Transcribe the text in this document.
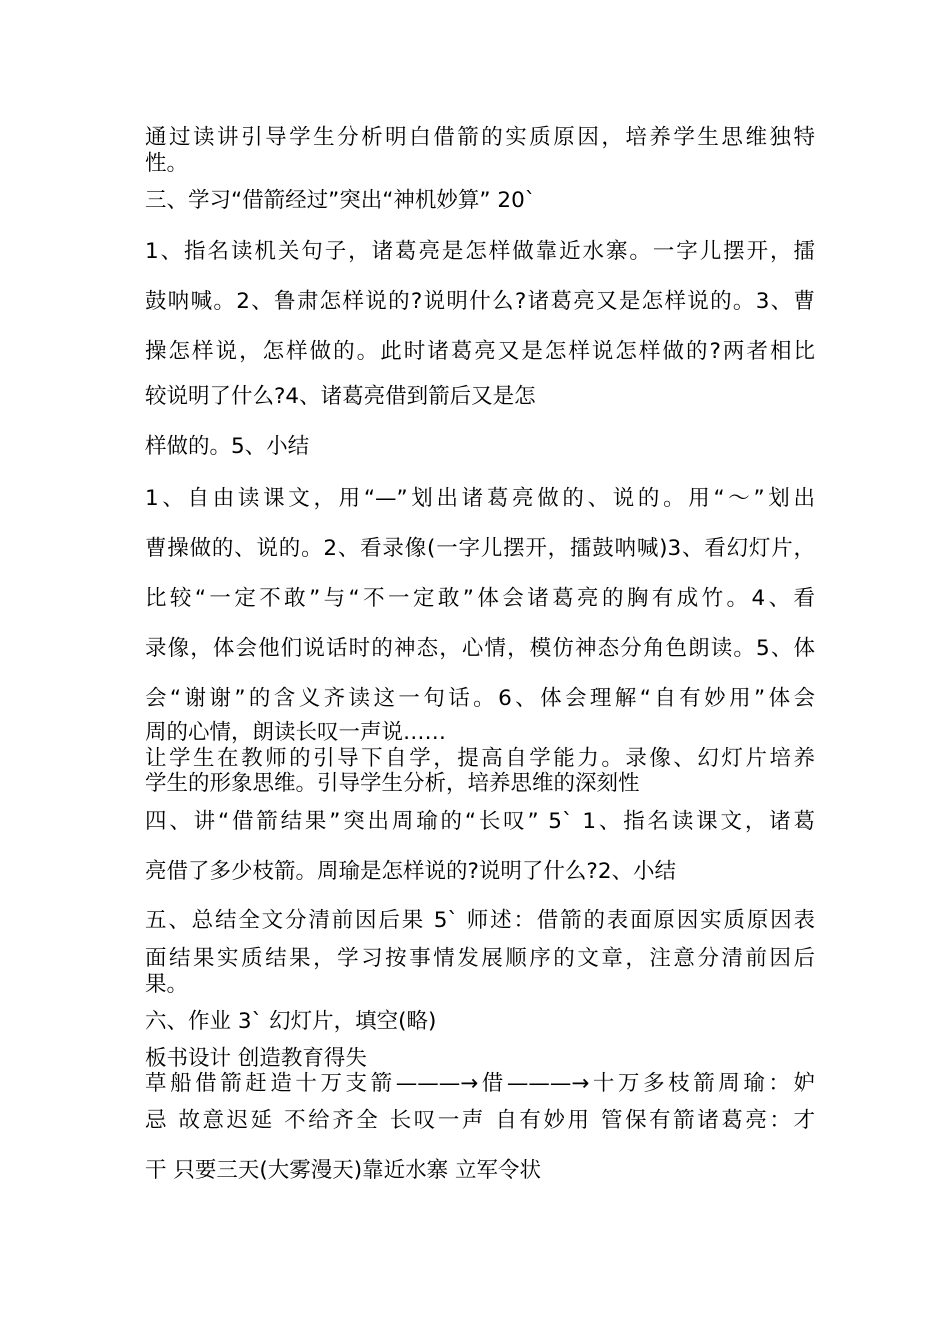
通过读讲引导学生分析明白借箭的实质原因，培养学生思维独特

性。

三、学习“借箭经过”突出“神机妙算” 20`

1、指名读机关句子，诸葛亮是怎样做靠近水寨。一字儿摆开，擂

鼓呐喊。2、鲁肃怎样说的?说明什么?诸葛亮又是怎样说的。3、曹

操怎样说，怎样做的。此时诸葛亮又是怎样说怎样做的?两者相比

较说明了什么?4、诸葛亮借到箭后又是怎

样做的。5、小结

1、自由读课文，用“—”划出诸葛亮做的、说的。用“～”划出

曹操做的、说的。2、看录像(一字儿摆开，擂鼓呐喊)3、看幻灯片，

比较“一定不敢”与“不一定敢”体会诸葛亮的胸有成竹。4、看

录像，体会他们说话时的神态，心情，模仿神态分角色朗读。5、体

会“谢谢”的含义齐读这一句话。6、体会理解“自有妙用”体会

周的心情，朗读长叹一声说……

让学生在教师的引导下自学，提高自学能力。录像、幻灯片培养

学生的形象思维。引导学生分析，培养思维的深刻性

四、讲“借箭结果”突出周瑜的“长叹” 5` 1、指名读课文，诸葛

亮借了多少枝箭。周瑜是怎样说的?说明了什么?2、小结

五、总结全文分清前因后果 5` 师述：借箭的表面原因实质原因表

面结果实质结果，学习按事情发展顺序的文章，注意分清前因后

果。

六、作业 3` 幻灯片，填空(略)

板书设计 创造教育得失

草船借箭赶造十万支箭———→借———→十万多枝箭周瑜：妒

忌 故意迟延 不给齐全 长叹一声 自有妙用 管保有箭诸葛亮：才

干 只要三天(大雾漫天)靠近水寨 立军令状
